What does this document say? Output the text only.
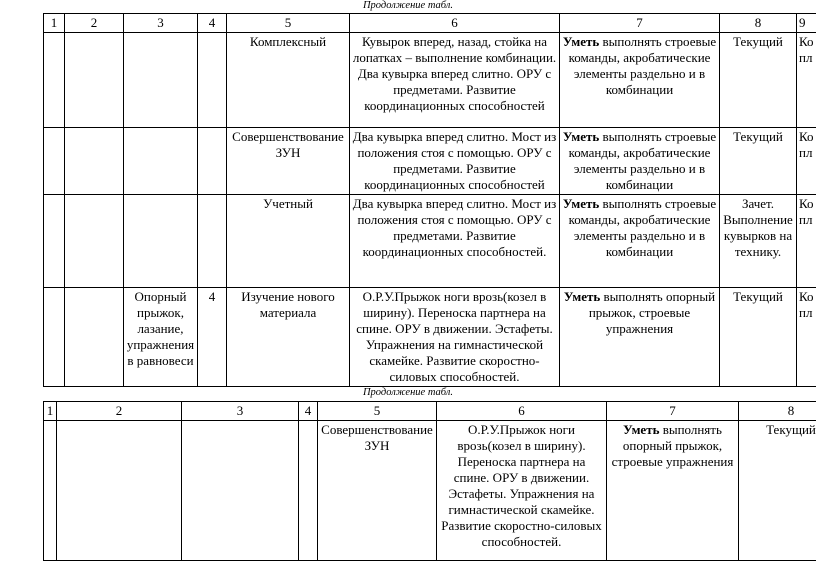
Продолжение табл.
1	2	3	4	5	6	7	8	9
				Комплексный	Кувырок вперед, назад, стойка на лопатках – выполнение комбинации. Два кувырка вперед слитно. ОРУ с предметами. Развитие координационных способностей	Уметь выполнять строевые команды, акробатические элементы раздельно и в комбинации	Текущий	Ко
пл
				Совершенствование ЗУН	Два кувырка вперед слитно. Мост из положения стоя с помощью. ОРУ с предметами. Развитие координационных способностей	Уметь выполнять строевые команды, акробатические элементы раздельно и в комбинации	Текущий	Ко
пл
				Учетный	Два кувырка вперед слитно. Мост из положения стоя с помощью. ОРУ с предметами. Развитие координационных способностей.	Уметь выполнять строевые команды, акробатические элементы раздельно и в комбинации	Зачет. Выполнение кувырков на технику.	Ко
пл
		Опорный прыжок, лазание, упражнения в равновеси	4	Изучение нового материала	О.Р.У.Прыжок ноги врозь(козел в ширину). Переноска партнера на спине. ОРУ в движении. Эстафеты. Упражнения на гимнастической скамейке. Развитие скоростно-силовых способностей.	Уметь выполнять опорный прыжок, строевые упражнения	Текущий	Ко
пл
Продолжение табл.
1	2	3	4	5	6	7	8
				Совершенствование ЗУН	О.Р.У.Прыжок ноги врозь(козел в ширину). Переноска партнера на спине. ОРУ в движении. Эстафеты. Упражнения на гимнастической скамейке. Развитие скоростно-силовых способностей.	Уметь выполнять опорный прыжок, строевые упражнения	Текущий
